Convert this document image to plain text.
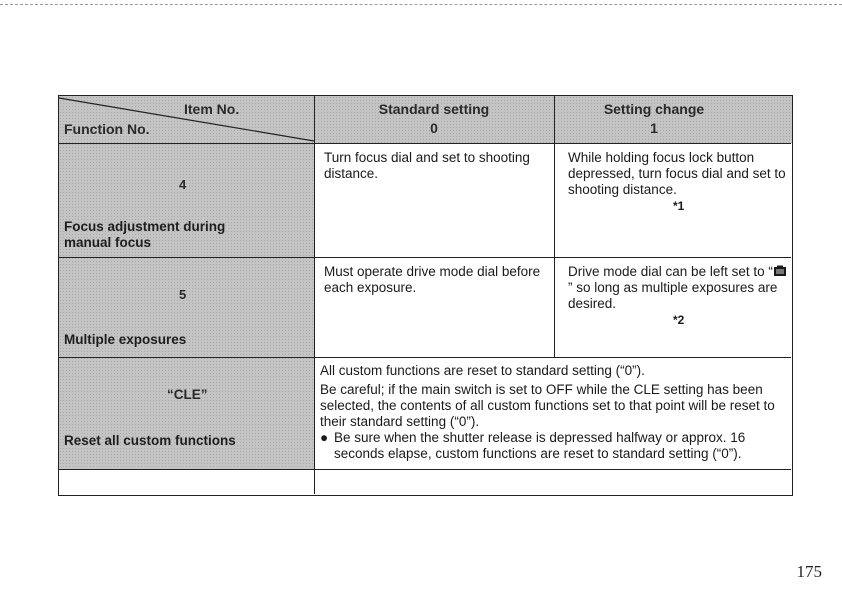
Item No.
Function No.
Standard setting
0
Setting change
1
4
Focus adjustment during manual focus
Turn focus dial and set to shooting distance.
While holding focus lock button depressed, turn focus dial and set to shooting distance.
*1
5
Multiple exposures
Must operate drive mode dial before each exposure.
Drive mode dial can be left set to “” so long as multiple exposures are desired.
*2
“CLE”
Reset all custom functions
All custom functions are reset to standard setting (“0”).
Be careful; if the main switch is set to OFF while the CLE setting has been selected, the contents of all custom functions set to that point will be reset to their standard setting (“0”).
● Be sure when the shutter release is depressed halfway or approx. 16 seconds elapse, custom functions are reset to standard setting (“0”).
175
